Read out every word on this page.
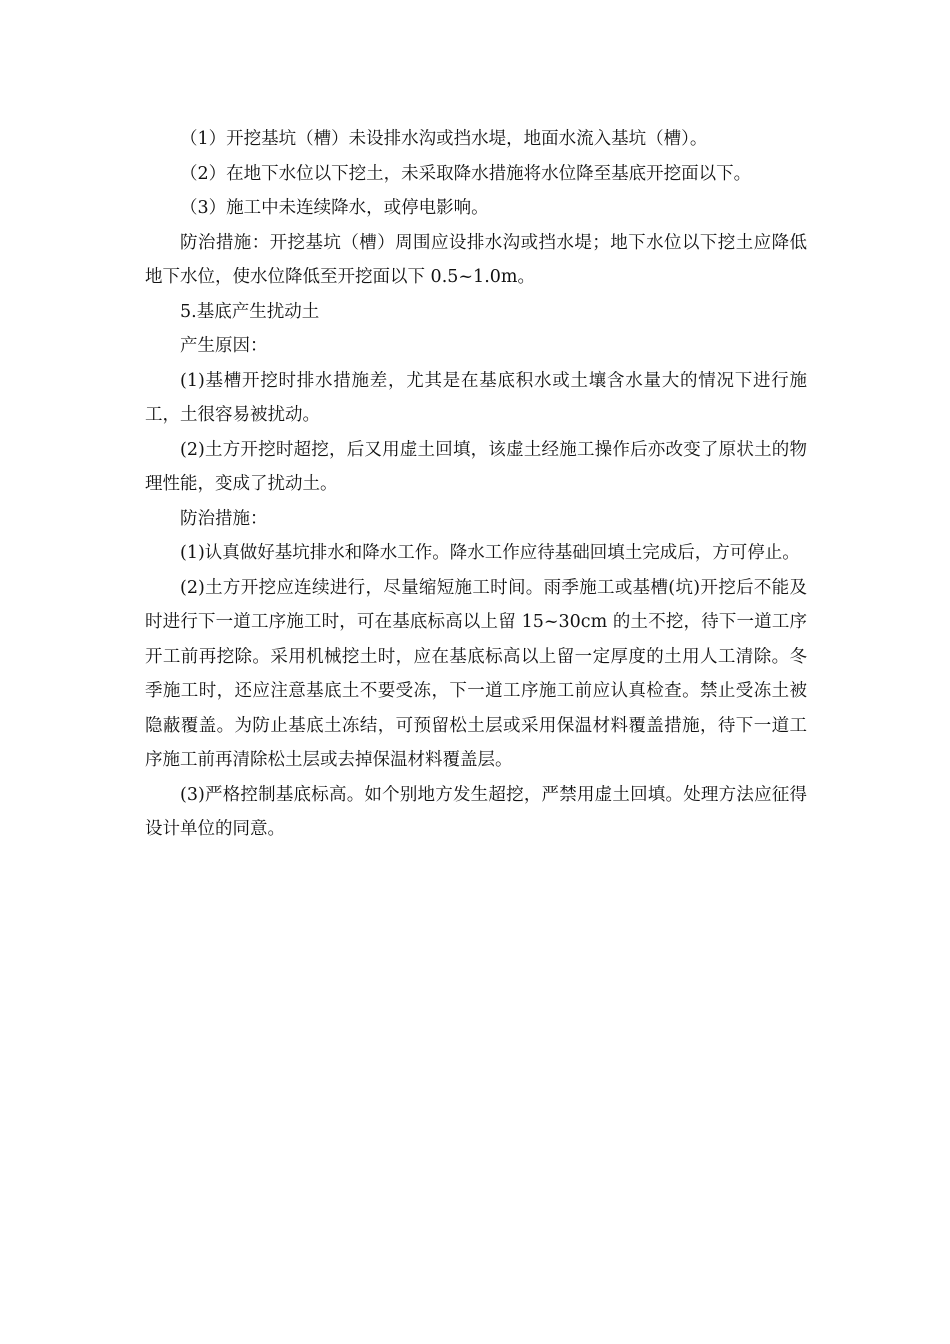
（1）开挖基坑（槽）未设排水沟或挡水堤，地面水流入基坑（槽）。

（2）在地下水位以下挖土，未采取降水措施将水位降至基底开挖面以下。

（3）施工中未连续降水，或停电影响。

防治措施：开挖基坑（槽）周围应设排水沟或挡水堤；地下水位以下挖土应降低地下水位，使水位降低至开挖面以下 0.5~1.0m。

5.基底产生扰动土

产生原因：

(1)基槽开挖时排水措施差，尤其是在基底积水或土壤含水量大的情况下进行施工，土很容易被扰动。

(2)土方开挖时超挖，后又用虚土回填，该虚土经施工操作后亦改变了原状土的物理性能，变成了扰动土。

防治措施：

(1)认真做好基坑排水和降水工作。降水工作应待基础回填土完成后，方可停止。

(2)土方开挖应连续进行，尽量缩短施工时间。雨季施工或基槽(坑)开挖后不能及时进行下一道工序施工时，可在基底标高以上留 15~30cm 的土不挖，待下一道工序开工前再挖除。采用机械挖土时，应在基底标高以上留一定厚度的土用人工清除。冬季施工时，还应注意基底土不要受冻，下一道工序施工前应认真检查。禁止受冻土被隐蔽覆盖。为防止基底土冻结，可预留松土层或采用保温材料覆盖措施，待下一道工序施工前再清除松土层或去掉保温材料覆盖层。

(3)严格控制基底标高。如个别地方发生超挖，严禁用虚土回填。处理方法应征得设计单位的同意。
